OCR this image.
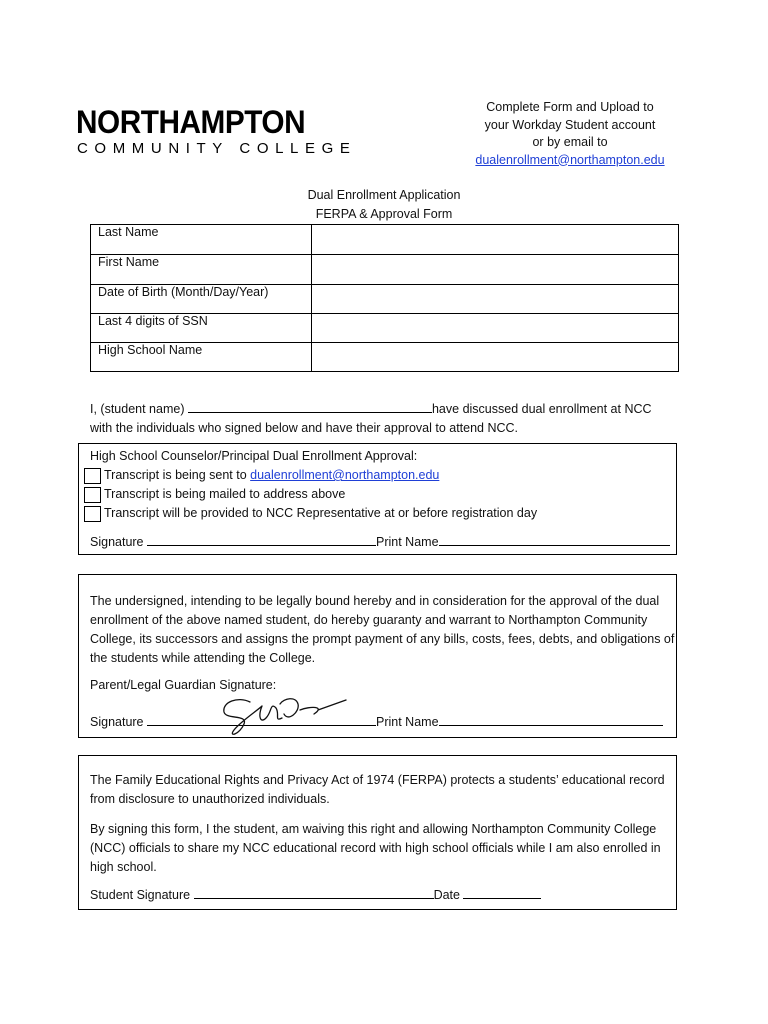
NORTHAMPTON
COMMUNITY COLLEGE
Complete Form and Upload to
your Workday Student account
or by email to
dualenrollment@northampton.edu
Dual Enrollment Application
FERPA & Approval Form
Last Name	
First Name	
Date of Birth (Month/Day/Year)	
Last 4 digits of SSN	
High School Name	
I, (student name)	have discussed dual enrollment at NCC
with the individuals who signed below and have their approval to attend NCC.
High School Counselor/Principal Dual Enrollment Approval:
Transcript is being sent to dualenrollment@northampton.edu
Transcript is being mailed to address above
Transcript will be provided to NCC Representative at or before registration day
Signature	Print Name
The undersigned, intending to be legally bound hereby and in consideration for the approval of the dual enrollment of the above named student, do hereby guaranty and warrant to Northampton Community College, its successors and assigns the prompt payment of any bills, costs, fees, debts, and obligations of the students while attending the College.
Parent/Legal Guardian Signature:
Signature	Print Name
The Family Educational Rights and Privacy Act of 1974 (FERPA) protects a students’ educational record from disclosure to unauthorized individuals.
By signing this form, I the student, am waiving this right and allowing Northampton Community College (NCC) officials to share my NCC educational record with high school officials while I am also enrolled in high school.
Student Signature	Date
